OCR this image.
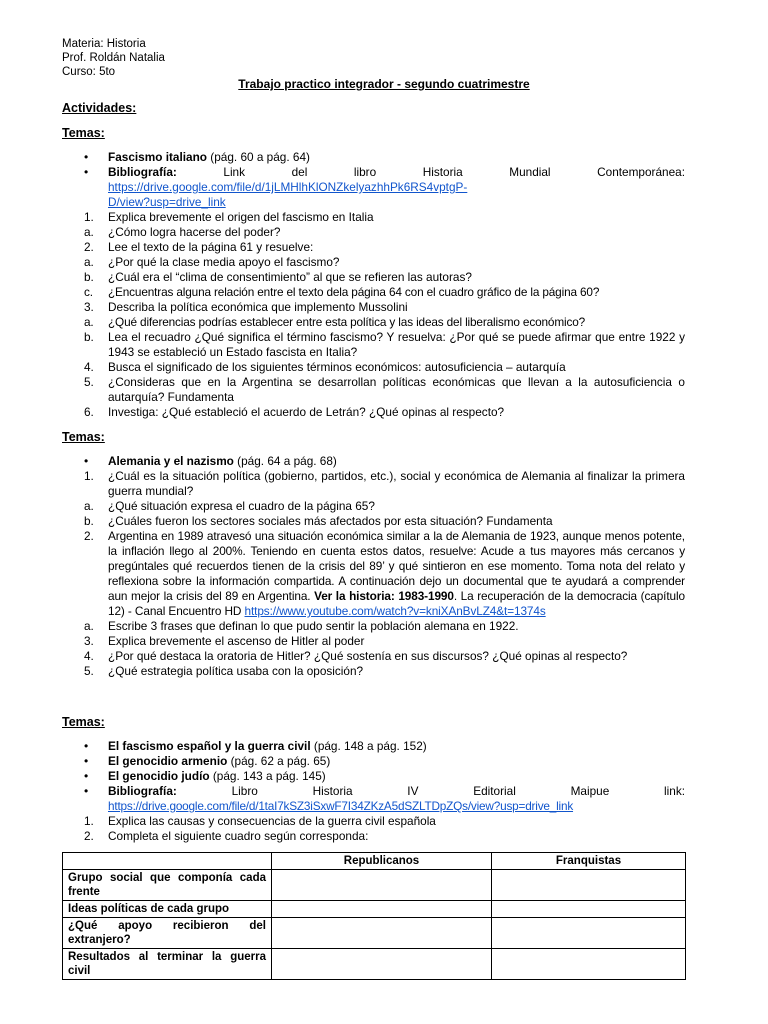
Materia: Historia
Prof. Roldán Natalia
Curso: 5to
Trabajo practico integrador - segundo cuatrimestre
Actividades:
Temas:
• Fascismo italiano (pág. 60 a pág. 64)
• Bibliografía: Link del libro Historia Mundial Contemporánea:
https://drive.google.com/file/d/1jLMHlhKlONZkelyazhhPk6RS4vptgP-
D/view?usp=drive_link
1. Explica brevemente el origen del fascismo en Italia
a. ¿Cómo logra hacerse del poder?
2. Lee el texto de la página 61 y resuelve:
a. ¿Por qué la clase media apoyo el fascismo?
b. ¿Cuál era el “clima de consentimiento” al que se refieren las autoras?
c. ¿Encuentras alguna relación entre el texto dela página 64 con el cuadro gráfico de la página 60?
3. Describa la política económica que implemento Mussolini
a. ¿Qué diferencias podrías establecer entre esta política y las ideas del liberalismo económico?
b. Lea el recuadro ¿Qué significa el término fascismo? Y resuelva: ¿Por qué se puede afirmar que entre 1922 y 1943 se estableció un Estado fascista en Italia?
4. Busca el significado de los siguientes términos económicos: autosuficiencia – autarquía
5. ¿Consideras que en la Argentina se desarrollan políticas económicas que llevan a la autosuficiencia o autarquía? Fundamenta
6. Investiga: ¿Qué estableció el acuerdo de Letrán? ¿Qué opinas al respecto?
Temas:
• Alemania y el nazismo (pág. 64 a pág. 68)
1. ¿Cuál es la situación política (gobierno, partidos, etc.), social y económica de Alemania al finalizar la primera guerra mundial?
a. ¿Qué situación expresa el cuadro de la página 65?
b. ¿Cuáles fueron los sectores sociales más afectados por esta situación? Fundamenta
2. Argentina en 1989 atravesó una situación económica similar a la de Alemania de 1923, aunque menos potente, la inflación llego al 200%. Teniendo en cuenta estos datos, resuelve: Acude a tus mayores más cercanos y pregúntales qué recuerdos tienen de la crisis del 89’ y qué sintieron en ese momento. Toma nota del relato y reflexiona sobre la información compartida. A continuación dejo un documental que te ayudará a comprender aun mejor la crisis del 89 en Argentina. Ver la historia: 1983-1990. La recuperación de la democracia (capítulo 12) - Canal Encuentro HD https://www.youtube.com/watch?v=kniXAnBvLZ4&t=1374s
a. Escribe 3 frases que definan lo que pudo sentir la población alemana en 1922.
3. Explica brevemente el ascenso de Hitler al poder
4. ¿Por qué destaca la oratoria de Hitler? ¿Qué sostenía en sus discursos? ¿Qué opinas al respecto?
5. ¿Qué estrategia política usaba con la oposición?
Temas:
• El fascismo español y la guerra civil (pág. 148 a pág. 152)
• El genocidio armenio (pág. 62 a pág. 65)
• El genocidio judío (pág. 143 a pág. 145)
• Bibliografía: Libro Historia IV Editorial Maipue link:
https://drive.google.com/file/d/1taI7kSZ3iSxwF7I34ZKzA5dSZLTDpZQs/view?usp=drive_link
1. Explica las causas y consecuencias de la guerra civil española
2. Completa el siguiente cuadro según corresponda:
	Republicanos	Franquistas
Grupo social que componía cada frente		
Ideas políticas de cada grupo		
¿Qué apoyo recibieron del extranjero?		
Resultados al terminar la guerra civil		
